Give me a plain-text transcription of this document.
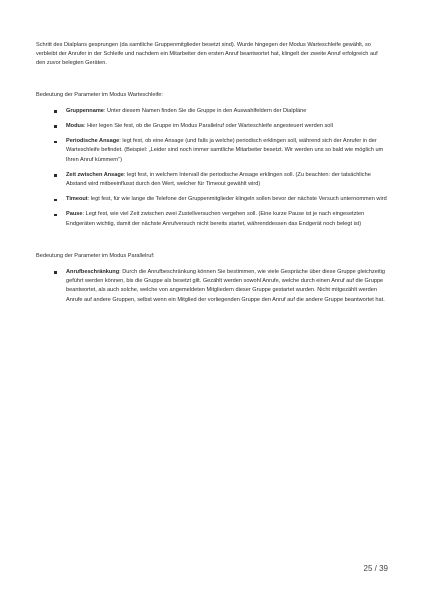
Schritt des Dialplans gesprungen (da samtliche Gruppenmitglieder besetzt sind). Wurde hingegen der Modus Warteschleife gewählt, so verbleibt der Anrufer in der Schleife und nachdem ein Mitarbeiter den ersten Anruf beantwortet hat, klingelt der zweite Anruf erfolgreich auf den zuvor belegten Geräten.

Bedeutung der Parameter im Modus Warteschleife:

Gruppenname: Unter diesem Namen finden Sie die Gruppe in den Auswahlfeldern der Dialpläne
Modus: Hier legen Sie fest, ob die Gruppe im Modus Parallelruf oder Warteschleife angesteuert werden soll
Periodische Ansage: legt fest, ob eine Ansage (und falls ja welche) periodisch erklingen soll, während sich der Anrufer in der Warteschleife befindet. (Beispiel: „Leider sind noch immer samtliche Mitarbeiter besetzt. Wir werden uns so bald wie möglich um Ihren Anruf kümmern“)
Zeit zwischen Ansage: legt fest, in welchem Intervall die periodische Ansage erklingen soll. (Zu beachten: der tatsächliche Abstand wird mitbeeinflusst durch den Wert, welcher für Timeout gewählt wird)
Timeout: legt fest, für wie lange die Telefone der Gruppenmitglieder klingeln sollen bevor der nächste Versuch unternommen wird
Pause: Legt fest, wie viel Zeit zwischen zwei Zustellversuchen vergehen soll. (Eine kurze Pause ist je nach eingesetzten Endgeräten wichtig, damit der nächste Anrufversuch nicht bereits startet, währenddessen das Endgerät noch belegt ist)

Bedeutung der Parameter im Modus Parallelruf:

Anrufbeschränkung: Durch die Anrufbeschränkung können Sie bestimmen, wie viele Gespräche über diese Gruppe gleichzeitig geführt werden können, bis die Gruppe als besetzt gilt. Gezählt werden sowohl Anrufe, welche durch einen Anruf auf die Gruppe beantwortet, als auch solche, welche von angemeldeten Mitgliedern dieser Gruppe gestartet wurden. Nicht mitgezählt werden Anrufe auf andere Gruppen, selbst wenn ein Mitglied der vorliegenden Gruppe den Anruf auf die andere Gruppe beantwortet hat.
25 / 39
